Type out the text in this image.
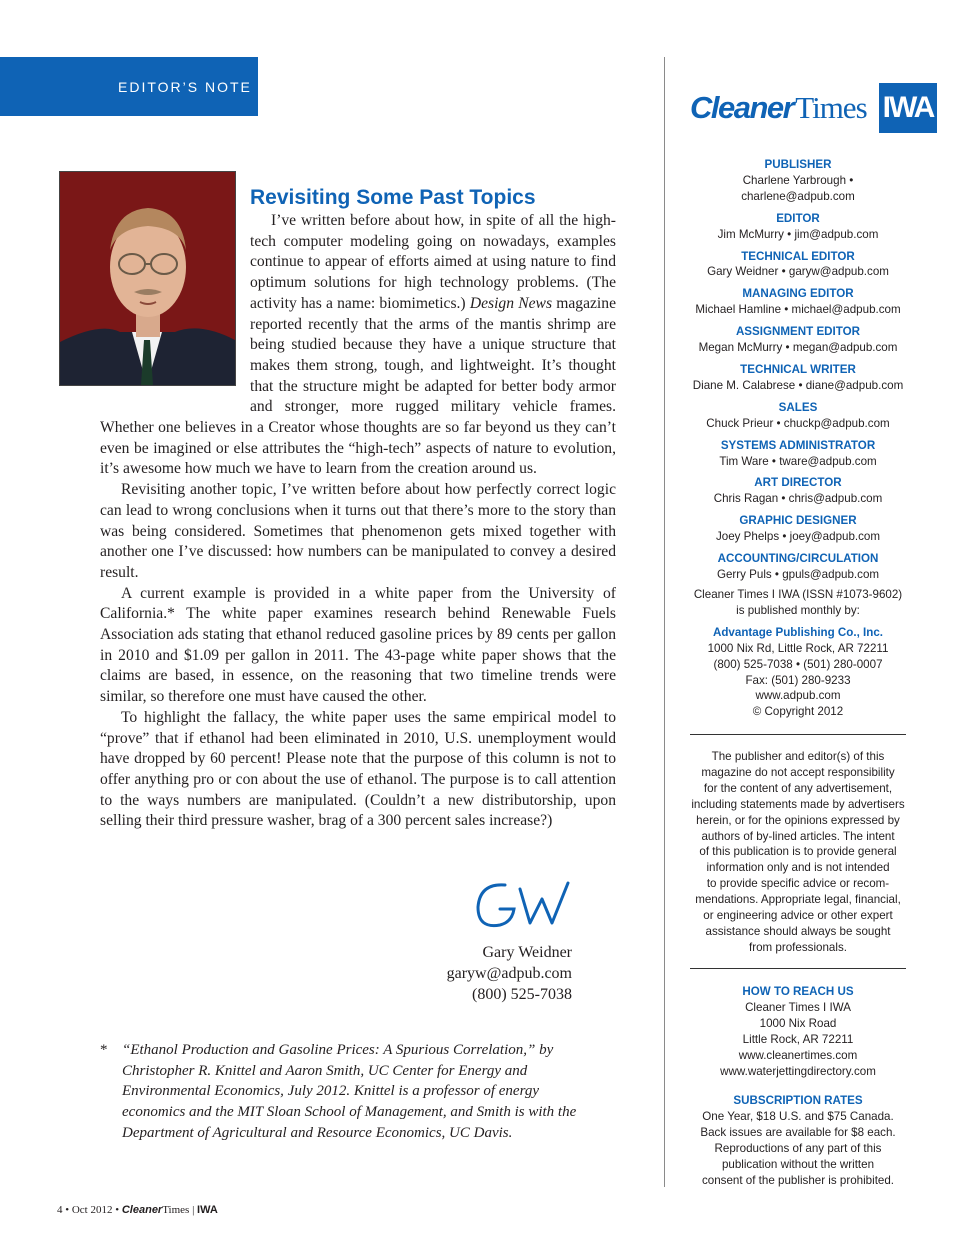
EDITOR’S NOTE
Revisiting Some Past Topics

I’ve written before about how, in spite of all the high-tech computer modeling going on nowadays, examples continue to appear of efforts aimed at using nature to find optimum solutions for high technology problems. (The activity has a name: biomimetics.) Design News magazine reported recently that the arms of the mantis shrimp are being studied because they have a unique structure that makes them strong, tough, and lightweight. It’s thought that the structure might be adapted for better body armor and stronger, more rugged military vehicle frames. Whether one believes in a Creator whose thoughts are so far beyond us they can’t even be imagined or else attributes the “high-tech” aspects of nature to evolution, it’s awesome how much we have to learn from the creation around us.

Revisiting another topic, I’ve written before about how perfectly correct logic can lead to wrong conclusions when it turns out that there’s more to the story than was being considered. Sometimes that phenomenon gets mixed together with another one I’ve discussed: how numbers can be manipulated to convey a desired result.

A current example is provided in a white paper from the University of California.* The white paper examines research behind Renewable Fuels Association ads stating that ethanol reduced gasoline prices by 89 cents per gallon in 2010 and $1.09 per gallon in 2011. The 43-page white paper shows that the claims are based, in essence, on the reasoning that two timeline trends were similar, so therefore one must have caused the other.

To highlight the fallacy, the white paper uses the same empirical model to “prove” that if ethanol had been eliminated in 2010, U.S. unemployment would have dropped by 60 percent! Please note that the purpose of this column is not to offer anything pro or con about the use of ethanol. The purpose is to call attention to the ways numbers are manipulated. (Couldn’t a new distributorship, upon selling their third pressure washer, brag of a 300 percent sales increase?)

Gary Weidner
garyw@adpub.com
(800) 525-7038
* “Ethanol Production and Gasoline Prices: A Spurious Correlation,” by Christopher R. Knittel and Aaron Smith, UC Center for Energy and Environmental Economics, July 2012. Knittel is a professor of energy economics and the MIT Sloan School of Management, and Smith is with the Department of Agricultural and Resource Economics, UC Davis.
4 • Oct 2012 • CleanerTimes | IWA
Cleaner Times IWA
PUBLISHER
Charlene Yarbrough • charlene@adpub.com
EDITOR
Jim McMurry • jim@adpub.com
TECHNICAL EDITOR
Gary Weidner • garyw@adpub.com
MANAGING EDITOR
Michael Hamline • michael@adpub.com
ASSIGNMENT EDITOR
Megan McMurry • megan@adpub.com
TECHNICAL WRITER
Diane M. Calabrese • diane@adpub.com
SALES
Chuck Prieur • chuckp@adpub.com
SYSTEMS ADMINISTRATOR
Tim Ware • tware@adpub.com
ART DIRECTOR
Chris Ragan • chris@adpub.com
GRAPHIC DESIGNER
Joey Phelps • joey@adpub.com
ACCOUNTING/CIRCULATION
Gerry Puls • gpuls@adpub.com
Cleaner Times I IWA (ISSN #1073-9602)
is published monthly by:
Advantage Publishing Co., Inc.
1000 Nix Rd, Little Rock, AR 72211
(800) 525-7038 • (501) 280-0007
Fax: (501) 280-9233
www.adpub.com
© Copyright 2012
The publisher and editor(s) of this
magazine do not accept responsibility
for the content of any advertisement,
including statements made by advertisers
herein, or for the opinions expressed by
authors of by-lined articles. The intent
of this publication is to provide general
information only and is not intended
to provide specific advice or recom-
mendations. Appropriate legal, financial,
or engineering advice or other expert
assistance should always be sought
from professionals.
HOW TO REACH US
Cleaner Times I IWA
1000 Nix Road
Little Rock, AR 72211
www.cleanertimes.com
www.waterjettingdirectory.com
SUBSCRIPTION RATES
One Year, $18 U.S. and $75 Canada.
Back issues are available for $8 each.
Reproductions of any part of this
publication without the written
consent of the publisher is prohibited.
